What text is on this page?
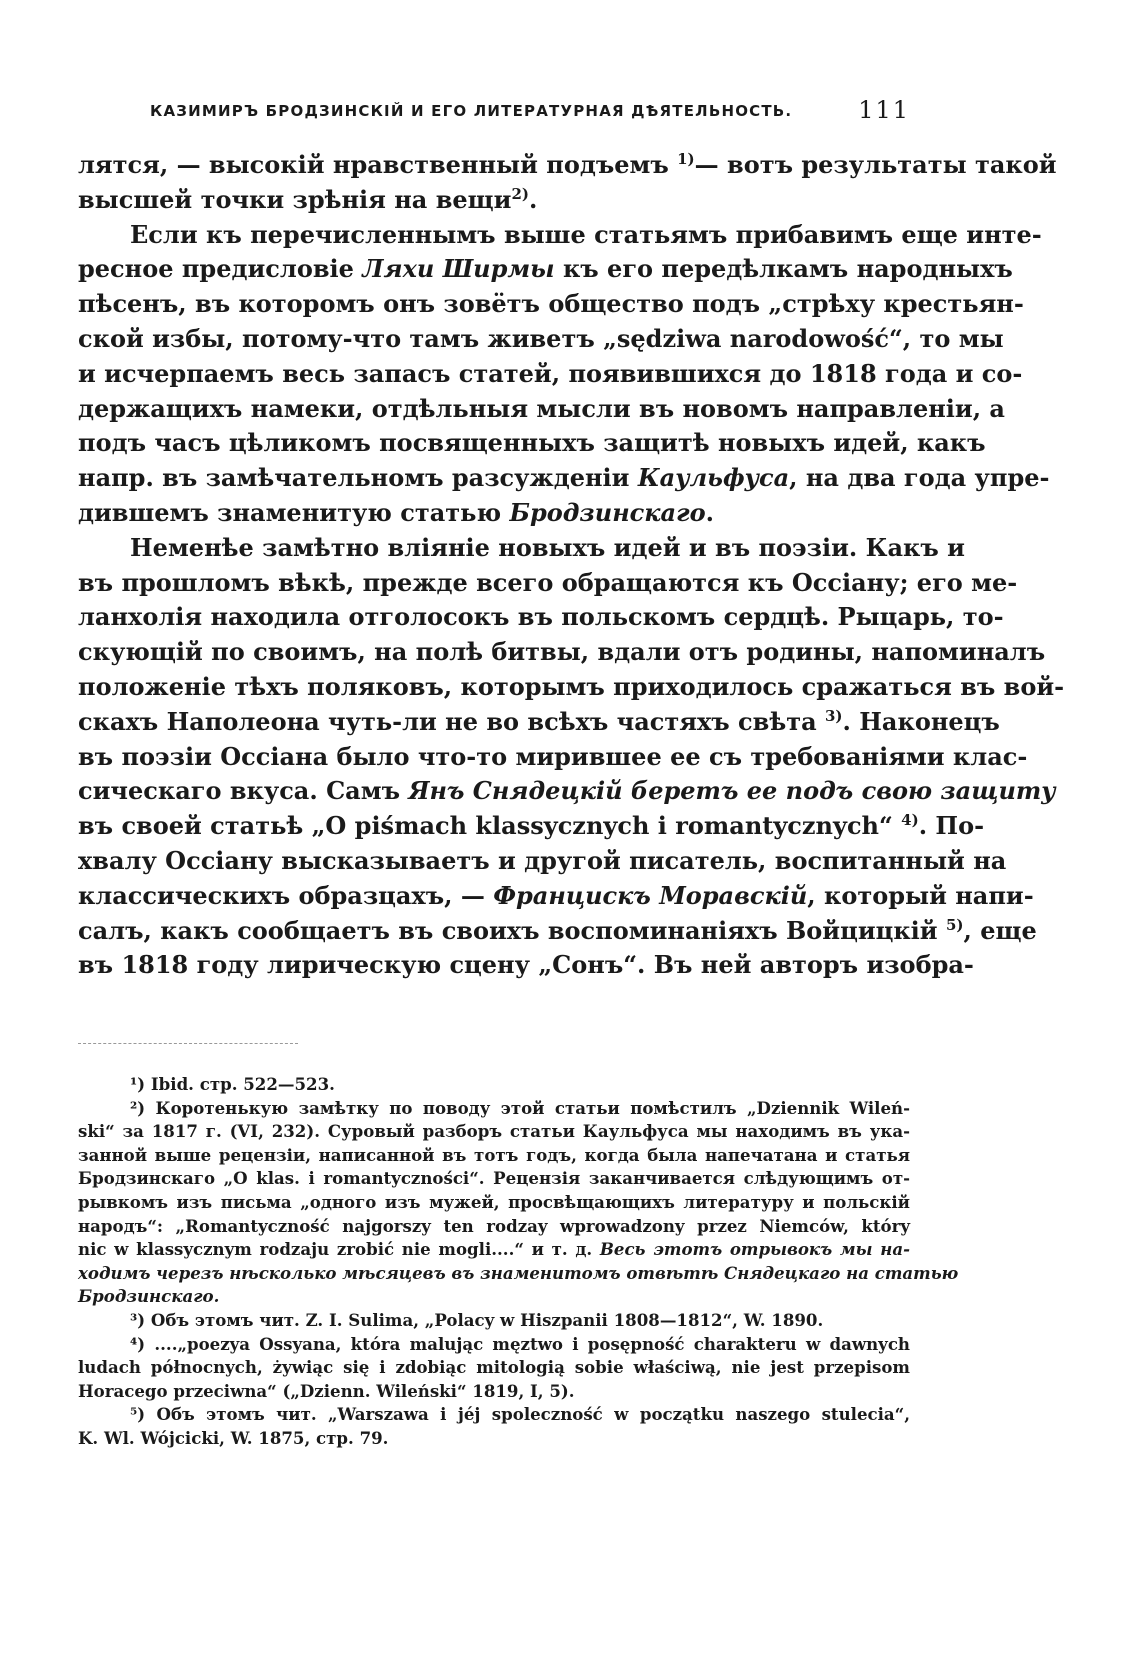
КАЗИМИРЪ БРОДЗИНСКІЙ И ЕГО ЛИТЕРАТУРНАЯ ДѢЯТЕЛЬНОСТЬ.	111
лятся, — высокій нравственный подъемъ $^{1)}$— вотъ результаты такой
высшей точки зрѣнія на вещи$^{2)}$.
Если къ перечисленнымъ выше статьямъ прибавимъ еще инте-
ресное предисловіе Ляхи Ширмы къ его передѣлкамъ народныхъ
пѣсенъ, въ которомъ онъ зовётъ общество подъ „стрѣху крестьян-
ской избы, потому-что тамъ живетъ „sędziwa narodowość“, то мы
и исчерпаемъ весь запасъ статей, появившихся до 1818 года и со-
держащихъ намеки, отдѣльныя мысли въ новомъ направленіи, а
подъ часъ цѣликомъ посвященныхъ защитѣ новыхъ идей, какъ
напр. въ замѣчательномъ разсужденіи Каульфуса, на два года упре-
дившемъ знаменитую статью Бродзинскаго.
Неменѣе замѣтно вліяніе новыхъ идей и въ поэзіи. Какъ и
въ прошломъ вѣкѣ, прежде всего обращаются къ Оссіану; его ме-
ланхолія находила отголосокъ въ польскомъ сердцѣ. Рыцарь, то-
скующій по своимъ, на полѣ битвы, вдали отъ родины, напоминалъ
положеніе тѣхъ поляковъ, которымъ приходилось сражаться въ вой-
скахъ Наполеона чуть-ли не во всѣхъ частяхъ свѣта $^{3)}$. Наконецъ
въ поэзіи Оссіана было что-то мирившее ее съ требованіями клас-
сическаго вкуса. Самъ Янъ Снядецкій беретъ ее подъ свою защиту
въ своей статьѣ „O piśmach klassycznych i romantycznych“ $^{4)}$. По-
хвалу Оссіану высказываетъ и другой писатель, воспитанный на
классическихъ образцахъ, — Францискъ Моравскій, который напи-
салъ, какъ сообщаетъ въ своихъ воспоминаніяхъ Войцицкій $^{5)}$, еще
въ 1818 году лирическую сцену „Сонъ“. Въ ней авторъ изобра-
¹) Ibid. стр. 522—523.
²) Коротенькую замѣтку по поводу этой статьи помѣстилъ „Dziennik Wileń-
ski“ за 1817 г. (VI, 232). Суровый разборъ статьи Каульфуса мы находимъ въ ука-
занной выше рецензіи, написанной въ тотъ годъ, когда была напечатана и статья
Бродзинскаго „O klas. i romantyczności“. Рецензія заканчивается слѣдующимъ от-
рывкомъ изъ письма „одного изъ мужей, просвѣщающихъ литературу и польскій
народъ“: „Romantyczność najgorszy ten rodzay wprowadzony przez Niemców, który
nic w klassycznym rodzaju zrobić nie mogli....“ и т. д. Весь этотъ отрывокъ мы на-
ходимъ черезъ нѣсколько мѣсяцевъ въ знаменитомъ отвѣтѣ Снядецкаго на статью
Бродзинскаго.
³) Объ этомъ чит. Z. I. Sulima, „Polacy w Hiszpanii 1808—1812“, W. 1890.
⁴) ....„poezya Ossyana, która malując męztwo i posępność charakteru w dawnych
ludach północnych, żywiąc się i zdobiąc mitologią sobie właściwą, nie jest przepisom
Horacego przeciwna“ („Dzienn. Wileński“ 1819, I, 5).
⁵) Объ этомъ чит. „Warszawa i jéj spoleczność w początku naszego stulecia“,
K. Wl. Wójcicki, W. 1875, стр. 79.
